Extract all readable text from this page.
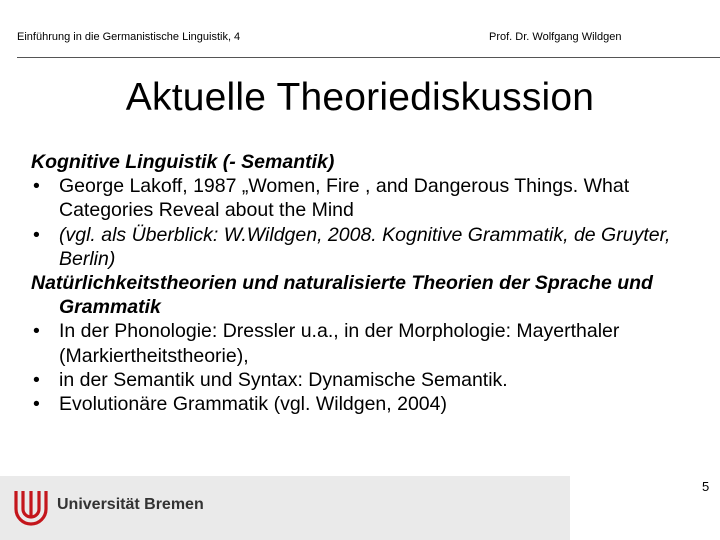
Einführung in die Germanistische Linguistik, 4	Prof. Dr. Wolfgang Wildgen
Aktuelle Theoriediskussion
Kognitive Linguistik (- Semantik)
• George Lakoff, 1987 „Women, Fire , and Dangerous Things. What Categories Reveal about the Mind
• (vgl. als Überblick: W.Wildgen, 2008. Kognitive Grammatik, de Gruyter, Berlin)
Natürlichkeitstheorien und naturalisierte Theorien der Sprache und Grammatik
• In der Phonologie: Dressler u.a., in der Morphologie: Mayerthaler (Markiertheitstheorie),
• in der Semantik und Syntax: Dynamische Semantik.
• Evolutionäre Grammatik (vgl. Wildgen, 2004)
Universität Bremen
5
